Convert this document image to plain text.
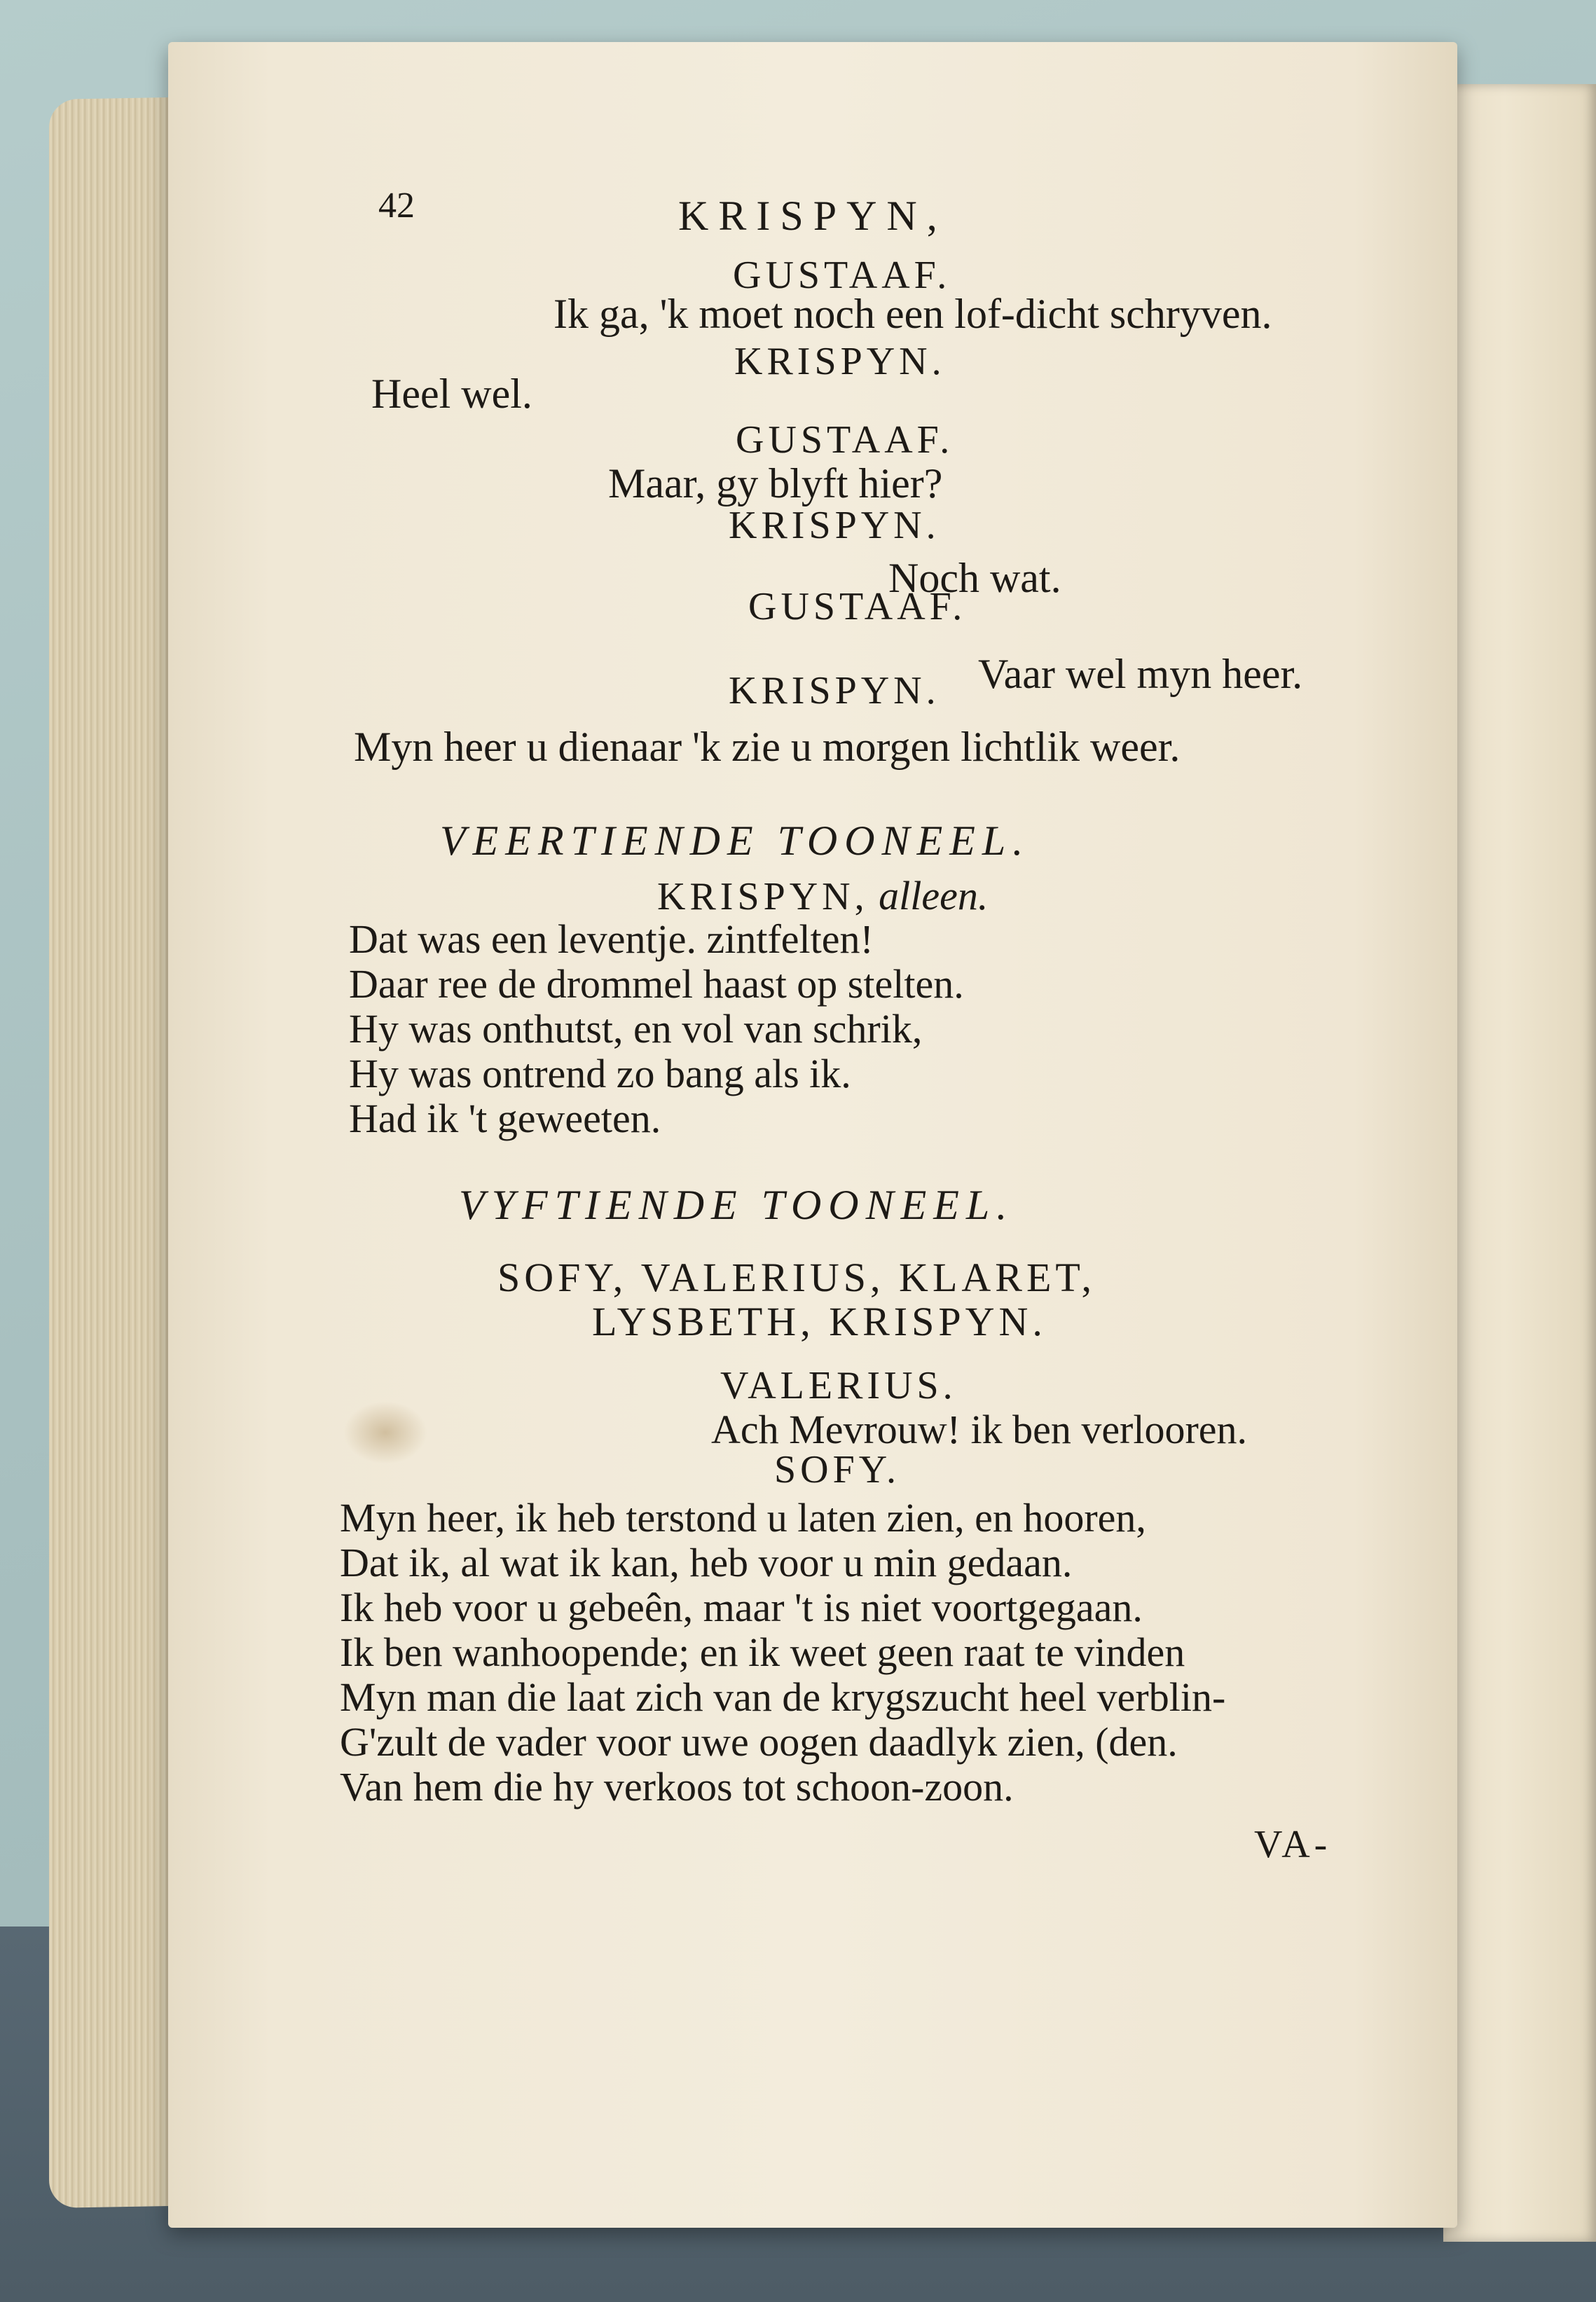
42	KRISPYN,
GUSTAAF.
Ik ga, 'k moet noch een lof-dicht schryven.
KRISPYN.
Heel wel.
GUSTAAF.
Maar, gy blyft hier?
KRISPYN.
Noch wat.
GUSTAAF.
Vaar wel myn heer.
KRISPYN.
Myn heer u dienaar 'k zie u morgen lichtlik weer.
VEERTIENDE TOONEEL.
KRISPYN, alleen.
Dat was een leventje. zintfelten!
Daar ree de drommel haast op stelten.
Hy was onthutst, en vol van schrik,
Hy was ontrend zo bang als ik.
Had ik 't geweeten.
VYFTIENDE TOONEEL.
SOFY, VALERIUS, KLARET,
LYSBETH, KRISPYN.
VALERIUS.
Ach Mevrouw! ik ben verlooren.
SOFY.
Myn heer, ik heb terstond u laten zien, en hooren,
Dat ik, al wat ik kan, heb voor u min gedaan.
Ik heb voor u gebeên, maar 't is niet voortgegaan.
Ik ben wanhoopende; en ik weet geen raat te vinden
Myn man die laat zich van de krygszucht heel verblin-
G'zult de vader voor uwe oogen daadlyk zien, (den.
Van hem die hy verkoos tot schoon-zoon.
VA-
